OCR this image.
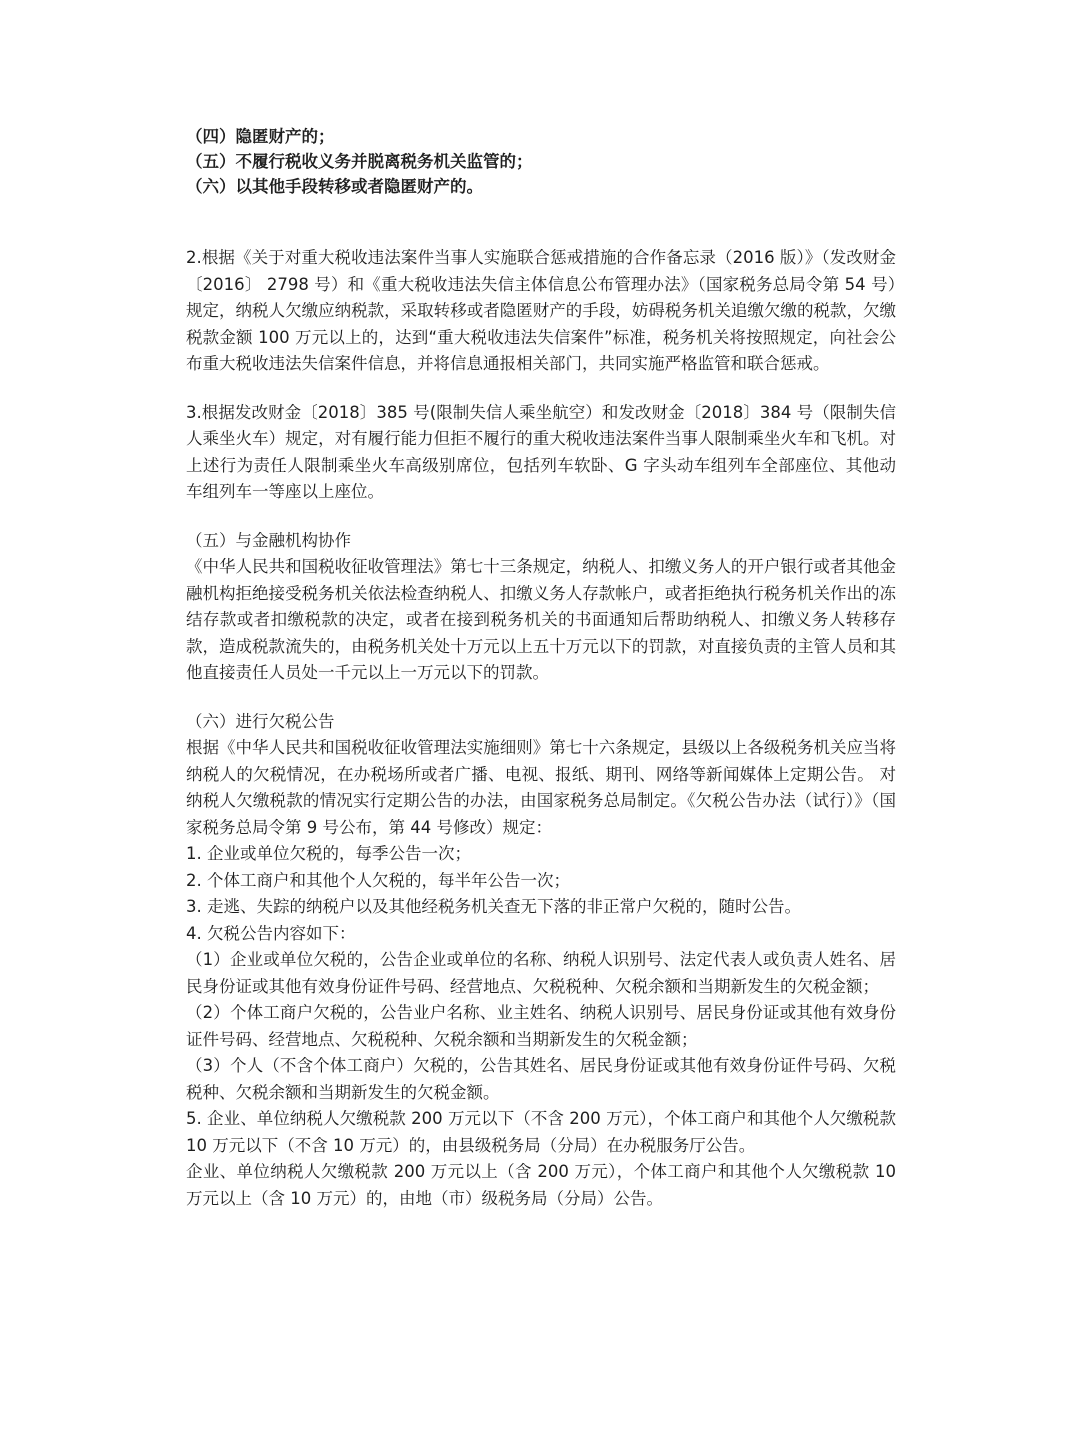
（四）隐匿财产的；

（五）不履行税收义务并脱离税务机关监管的；

（六）以其他手段转移或者隐匿财产的。

2.根据《关于对重大税收违法案件当事人实施联合惩戒措施的合作备忘录（2016 版）》（发改财金 〔2016〕 2798 号）和《重大税收违法失信主体信息公布管理办法》（国家税务总局令第 54 号）规定，纳税人欠缴应纳税款，采取转移或者隐匿财产的手段，妨碍税务机关追缴欠缴的税款，欠缴税款金额 100 万元以上的，达到“重大税收违法失信案件”标准，税务机关将按照规定，向社会公布重大税收违法失信案件信息，并将信息通报相关部门，共同实施严格监管和联合惩戒。

3.根据发改财金〔2018〕385 号(限制失信人乘坐航空）和发改财金〔2018〕384 号（限制失信人乘坐火车）规定，对有履行能力但拒不履行的重大税收违法案件当事人限制乘坐火车和飞机。对上述行为责任人限制乘坐火车高级别席位，包括列车软卧、G 字头动车组列车全部座位、其他动车组列车一等座以上座位。

（五）与金融机构协作

《中华人民共和国税收征收管理法》第七十三条规定，纳税人、扣缴义务人的开户银行或者其他金融机构拒绝接受税务机关依法检查纳税人、扣缴义务人存款帐户，或者拒绝执行税务机关作出的冻结存款或者扣缴税款的决定，或者在接到税务机关的书面通知后帮助纳税人、扣缴义务人转移存款，造成税款流失的，由税务机关处十万元以上五十万元以下的罚款，对直接负责的主管人员和其他直接责任人员处一千元以上一万元以下的罚款。

（六）进行欠税公告

根据《中华人民共和国税收征收管理法实施细则》第七十六条规定，县级以上各级税务机关应当将纳税人的欠税情况，在办税场所或者广播、电视、报纸、期刊、网络等新闻媒体上定期公告。 对纳税人欠缴税款的情况实行定期公告的办法，由国家税务总局制定。《欠税公告办法（试行）》（国家税务总局令第 9 号公布，第 44 号修改）规定：

1. 企业或单位欠税的，每季公告一次；

2. 个体工商户和其他个人欠税的，每半年公告一次；

3. 走逃、失踪的纳税户以及其他经税务机关查无下落的非正常户欠税的，随时公告。

4. 欠税公告内容如下：

（1）企业或单位欠税的，公告企业或单位的名称、纳税人识别号、法定代表人或负责人姓名、居民身份证或其他有效身份证件号码、经营地点、欠税税种、欠税余额和当期新发生的欠税金额；

（2）个体工商户欠税的，公告业户名称、业主姓名、纳税人识别号、居民身份证或其他有效身份证件号码、经营地点、欠税税种、欠税余额和当期新发生的欠税金额；

（3）个人（不含个体工商户）欠税的，公告其姓名、居民身份证或其他有效身份证件号码、欠税税种、欠税余额和当期新发生的欠税金额。

5. 企业、单位纳税人欠缴税款 200 万元以下（不含 200 万元），个体工商户和其他个人欠缴税款 10 万元以下（不含 10 万元）的，由县级税务局（分局）在办税服务厅公告。

企业、单位纳税人欠缴税款 200 万元以上（含 200 万元），个体工商户和其他个人欠缴税款 10 万元以上（含 10 万元）的，由地（市）级税务局（分局）公告。
